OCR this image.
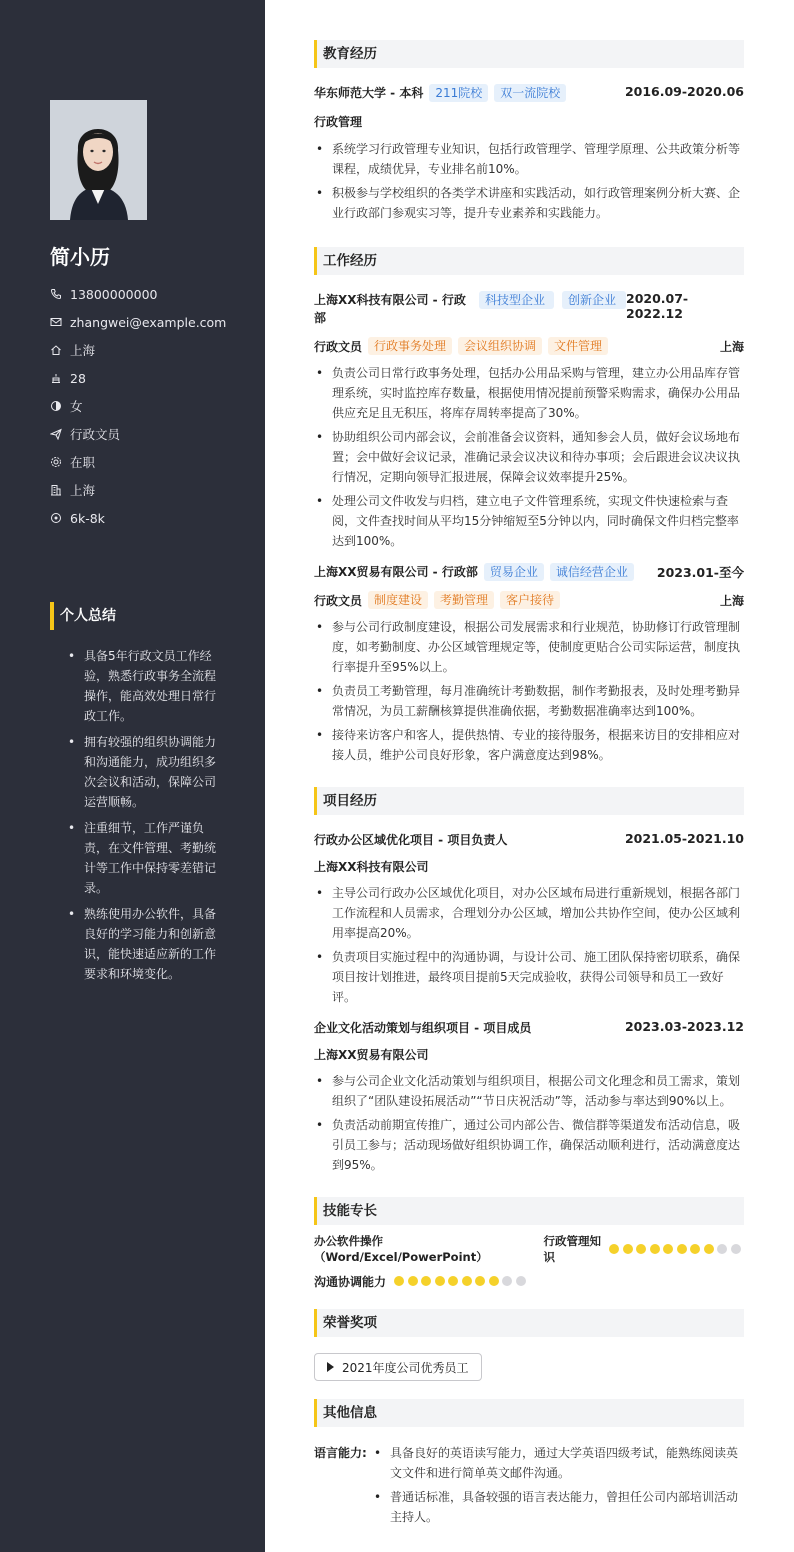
简小历
13800000000
zhangwei@example.com
上海
28
女
行政文员
在职
上海
6k-8k
个人总结
• 具备5年行政文员工作经验，熟悉行政事务全流程操作，能高效处理日常行政工作。
• 拥有较强的组织协调能力和沟通能力，成功组织多次会议和活动，保障公司运营顺畅。
• 注重细节，工作严谨负责，在文件管理、考勤统计等工作中保持零差错记录。
• 熟练使用办公软件，具备良好的学习能力和创新意识，能快速适应新的工作要求和环境变化。
教育经历
华东师范大学 - 本科	211院校	双一流院校	2016.09-2020.06
行政管理
• 系统学习行政管理专业知识，包括行政管理学、管理学原理、公共政策分析等课程，成绩优异，专业排名前10%。
• 积极参与学校组织的各类学术讲座和实践活动，如行政管理案例分析大赛、企业行政部门参观实习等，提升专业素养和实践能力。
工作经历
上海XX科技有限公司 - 行政部
科技型企业	创新企业 2020.07-2022.12
行政文员	行政事务处理	会议组织协调	文件管理	上海
• 负责公司日常行政事务处理，包括办公用品采购与管理，建立办公用品库存管理系统，实时监控库存数量，根据使用情况提前预警采购需求，确保办公用品供应充足且无积压，将库存周转率提高了30%。
• 协助组织公司内部会议，会前准备会议资料，通知参会人员，做好会议场地布置；会中做好会议记录，准确记录会议决议和待办事项；会后跟进会议决议执行情况，定期向领导汇报进展，保障会议效率提升25%。
• 处理公司文件收发与归档，建立电子文件管理系统，实现文件快速检索与查阅，文件查找时间从平均15分钟缩短至5分钟以内，同时确保文件归档完整率达到100%。
上海XX贸易有限公司 - 行政部	贸易企业	诚信经营企业	2023.01-至今
行政文员	制度建设	考勤管理	客户接待	上海
• 参与公司行政制度建设，根据公司发展需求和行业规范，协助修订行政管理制度，如考勤制度、办公区域管理规定等，使制度更贴合公司实际运营，制度执行率提升至95%以上。
• 负责员工考勤管理，每月准确统计考勤数据，制作考勤报表，及时处理考勤异常情况，为员工薪酬核算提供准确依据，考勤数据准确率达到100%。
• 接待来访客户和客人，提供热情、专业的接待服务，根据来访目的安排相应对接人员，维护公司良好形象，客户满意度达到98%。
项目经历
行政办公区域优化项目 - 项目负责人	2021.05-2021.10
上海XX科技有限公司
• 主导公司行政办公区域优化项目，对办公区域布局进行重新规划，根据各部门工作流程和人员需求，合理划分办公区域，增加公共协作空间，使办公区域利用率提高20%。
• 负责项目实施过程中的沟通协调，与设计公司、施工团队保持密切联系，确保项目按计划推进，最终项目提前5天完成验收，获得公司领导和员工一致好评。
企业文化活动策划与组织项目 - 项目成员	2023.03-2023.12
上海XX贸易有限公司
• 参与公司企业文化活动策划与组织项目，根据公司文化理念和员工需求，策划组织了“团队建设拓展活动”“节日庆祝活动”等，活动参与率达到90%以上。
• 负责活动前期宣传推广，通过公司内部公告、微信群等渠道发布活动信息，吸引员工参与；活动现场做好组织协调工作，确保活动顺利进行，活动满意度达到95%。
技能专长
办公软件操作（Word/Excel/PowerPoint）
行政管理知识
沟通协调能力
荣誉奖项
2021年度公司优秀员工
其他信息
语言能力:
•	具备良好的英语读写能力，通过大学英语四级考试，能熟练阅读英文文件和进行简单英文邮件沟通。
• 普通话标准，具备较强的语言表达能力，曾担任公司内部培训活动主持人。
